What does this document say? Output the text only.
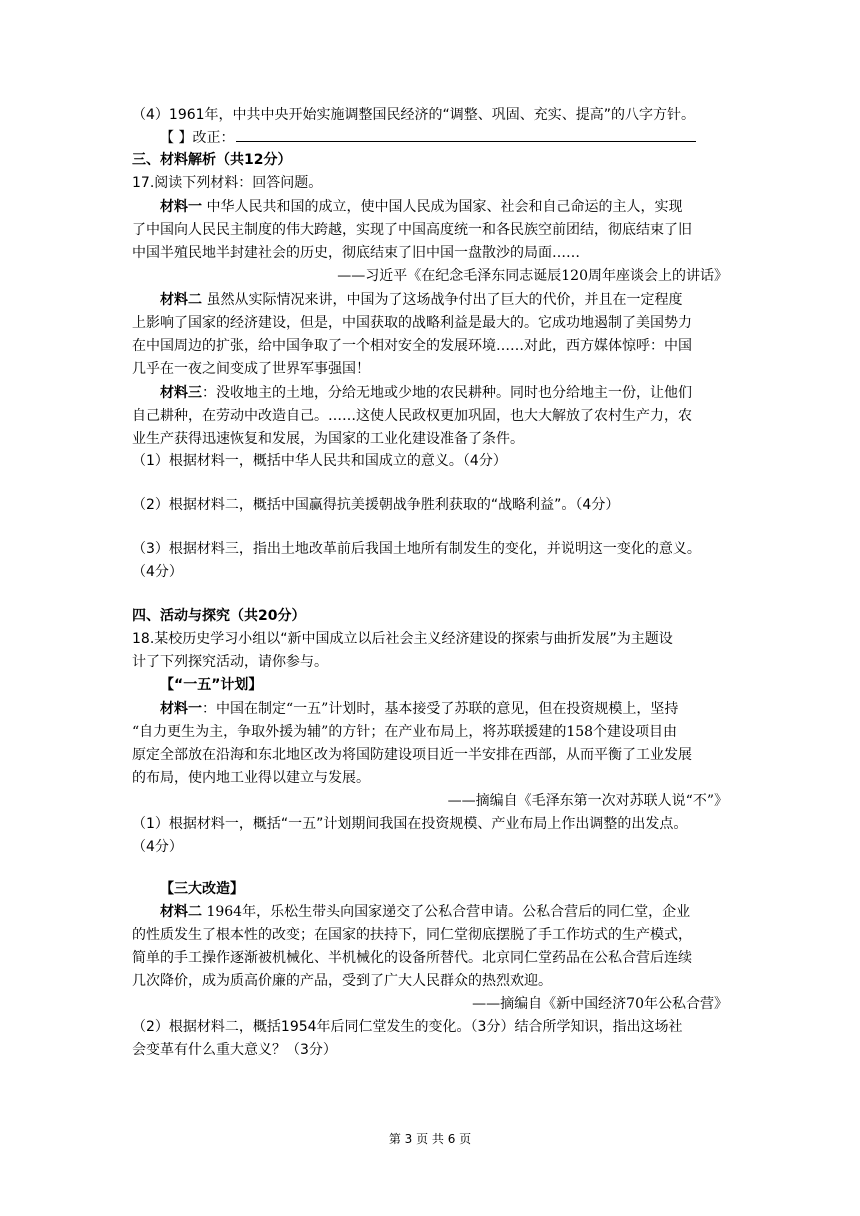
（4）1961年，中共中央开始实施调整国民经济的“调整、巩固、充实、提高”的八字方针。
【 】改正：
三、材料解析（共12分）
17.阅读下列材料：回答问题。
材料一 中华人民共和国的成立，使中国人民成为国家、社会和自己命运的主人，实现
了中国向人民民主制度的伟大跨越，实现了中国高度统一和各民族空前团结，彻底结束了旧
中国半殖民地半封建社会的历史，彻底结束了旧中国一盘散沙的局面……
——习近平《在纪念毛泽东同志诞辰120周年座谈会上的讲话》
材料二 虽然从实际情况来讲，中国为了这场战争付出了巨大的代价，并且在一定程度
上影响了国家的经济建设，但是，中国获取的战略利益是最大的。它成功地遏制了美国势力
在中国周边的扩张，给中国争取了一个相对安全的发展环境……对此，西方媒体惊呼：中国
几乎在一夜之间变成了世界军事强国！
材料三：没收地主的土地，分给无地或少地的农民耕种。同时也分给地主一份，让他们
自己耕种，在劳动中改造自己。……这使人民政权更加巩固，也大大解放了农村生产力，农
业生产获得迅速恢复和发展，为国家的工业化建设准备了条件。
（1）根据材料一，概括中华人民共和国成立的意义。（4分）
（2）根据材料二，概括中国赢得抗美援朝战争胜利获取的“战略利益”。（4分）
（3）根据材料三，指出土地改革前后我国土地所有制发生的变化，并说明这一变化的意义。
（4分）
四、活动与探究（共20分）
18.某校历史学习小组以“新中国成立以后社会主义经济建设的探索与曲折发展”为主题设
计了下列探究活动，请你参与。
【“一五”计划】
材料一：中国在制定“一五”计划时，基本接受了苏联的意见，但在投资规模上，坚持
“自力更生为主，争取外援为辅”的方针；在产业布局上，将苏联援建的158个建设项目由
原定全部放在沿海和东北地区改为将国防建设项目近一半安排在西部，从而平衡了工业发展
的布局，使内地工业得以建立与发展。
——摘编自《毛泽东第一次对苏联人说“不”》
（1）根据材料一，概括“一五”计划期间我国在投资规模、产业布局上作出调整的出发点。
（4分）
【三大改造】
材料二 1964年，乐松生带头向国家递交了公私合营申请。公私合营后的同仁堂，企业
的性质发生了根本性的改变；在国家的扶持下，同仁堂彻底摆脱了手工作坊式的生产模式，
简单的手工操作逐渐被机械化、半机械化的设备所替代。北京同仁堂药品在公私合营后连续
几次降价，成为质高价廉的产品，受到了广大人民群众的热烈欢迎。
——摘编自《新中国经济70年公私合营》
（2）根据材料二，概括1954年后同仁堂发生的变化。（3分）结合所学知识，指出这场社
会变革有什么重大意义？（3分）
第 3 页 共 6 页
